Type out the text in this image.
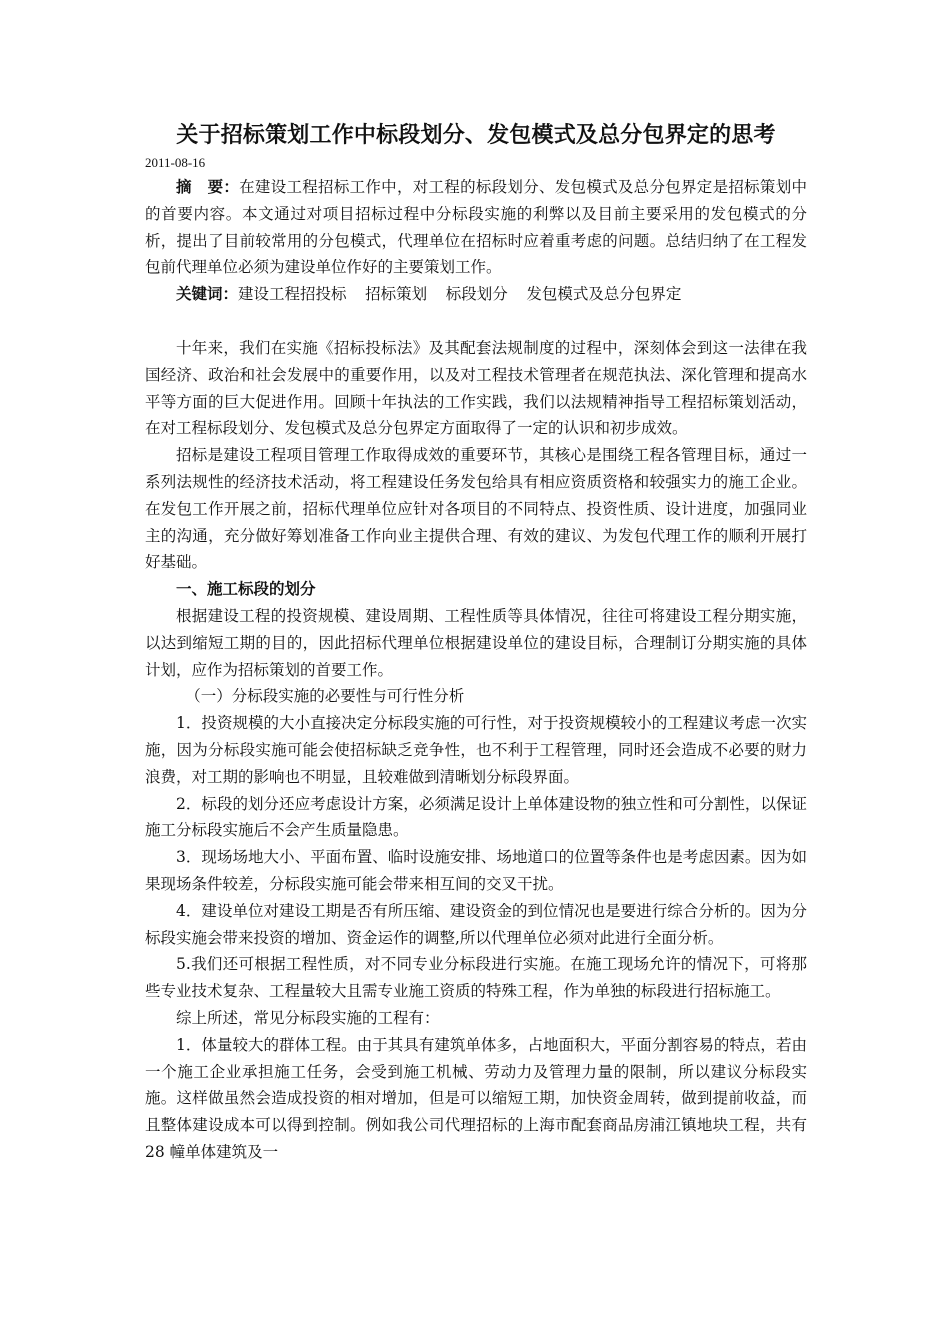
关于招标策划工作中标段划分、发包模式及总分包界定的思考
2011-08-16

摘　要：在建设工程招标工作中，对工程的标段划分、发包模式及总分包界定是招标策划中的首要内容。本文通过对项目招标过程中分标段实施的利弊以及目前主要采用的发包模式的分析，提出了目前较常用的分包模式，代理单位在招标时应着重考虑的问题。总结归纳了在工程发包前代理单位必须为建设单位作好的主要策划工作。

关键词：建设工程招投标 招标策划 标段划分 发包模式及总分包界定

十年来，我们在实施《招标投标法》及其配套法规制度的过程中，深刻体会到这一法律在我国经济、政治和社会发展中的重要作用，以及对工程技术管理者在规范执法、深化管理和提高水平等方面的巨大促进作用。回顾十年执法的工作实践，我们以法规精神指导工程招标策划活动，在对工程标段划分、发包模式及总分包界定方面取得了一定的认识和初步成效。

招标是建设工程项目管理工作取得成效的重要环节，其核心是围绕工程各管理目标，通过一系列法规性的经济技术活动，将工程建设任务发包给具有相应资质资格和较强实力的施工企业。在发包工作开展之前，招标代理单位应针对各项目的不同特点、投资性质、设计进度，加强同业主的沟通，充分做好筹划准备工作向业主提供合理、有效的建议、为发包代理工作的顺利开展打好基础。

一、施工标段的划分

根据建设工程的投资规模、建设周期、工程性质等具体情况，往往可将建设工程分期实施，以达到缩短工期的目的，因此招标代理单位根据建设单位的建设目标，合理制订分期实施的具体计划，应作为招标策划的首要工作。

（一）分标段实施的必要性与可行性分析

1．投资规模的大小直接决定分标段实施的可行性，对于投资规模较小的工程建议考虑一次实施，因为分标段实施可能会使招标缺乏竞争性，也不利于工程管理，同时还会造成不必要的财力浪费，对工期的影响也不明显，且较难做到清晰划分标段界面。

2．标段的划分还应考虑设计方案，必须满足设计上单体建设物的独立性和可分割性，以保证施工分标段实施后不会产生质量隐患。

3．现场场地大小、平面布置、临时设施安排、场地道口的位置等条件也是考虑因素。因为如果现场条件较差，分标段实施可能会带来相互间的交叉干扰。

4．建设单位对建设工期是否有所压缩、建设资金的到位情况也是要进行综合分析的。因为分标段实施会带来投资的增加、资金运作的调整,所以代理单位必须对此进行全面分析。

5.我们还可根据工程性质，对不同专业分标段进行实施。在施工现场允许的情况下，可将那些专业技术复杂、工程量较大且需专业施工资质的特殊工程，作为单独的标段进行招标施工。

综上所述，常见分标段实施的工程有：

1．体量较大的群体工程。由于其具有建筑单体多，占地面积大，平面分割容易的特点，若由一个施工企业承担施工任务，会受到施工机械、劳动力及管理力量的限制，所以建议分标段实施。这样做虽然会造成投资的相对增加，但是可以缩短工期，加快资金周转，做到提前收益，而且整体建设成本可以得到控制。例如我公司代理招标的上海市配套商品房浦江镇地块工程，共有 28 幢单体建筑及一
